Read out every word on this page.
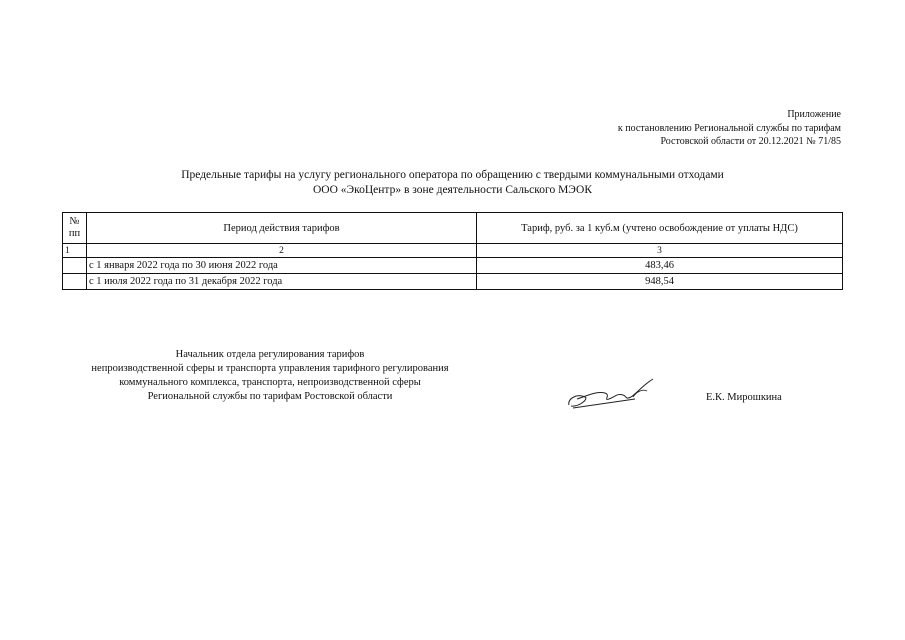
Приложение
к постановлению Региональной службы по тарифам
Ростовской области от 20.12.2021 № 71/85
Предельные тарифы на услугу регионального оператора по обращению с твердыми коммунальными отходами
ООО «ЭкоЦентр» в зоне деятельности Сальского МЭОК
№
пп	Период действия тарифов	Тариф, руб. за 1 куб.м (учтено освобождение от уплаты НДС)
1	2	3
	с 1 января 2022 года по 30 июня 2022 года	483,46
	с 1 июля 2022 года по 31 декабря 2022 года	948,54
Начальник отдела регулирования тарифов
непроизводственной сферы и транспорта управления тарифного регулирования
коммунального комплекса, транспорта, непроизводственной сферы
Региональной службы по тарифам Ростовской области	Е.К. Мирошкина
